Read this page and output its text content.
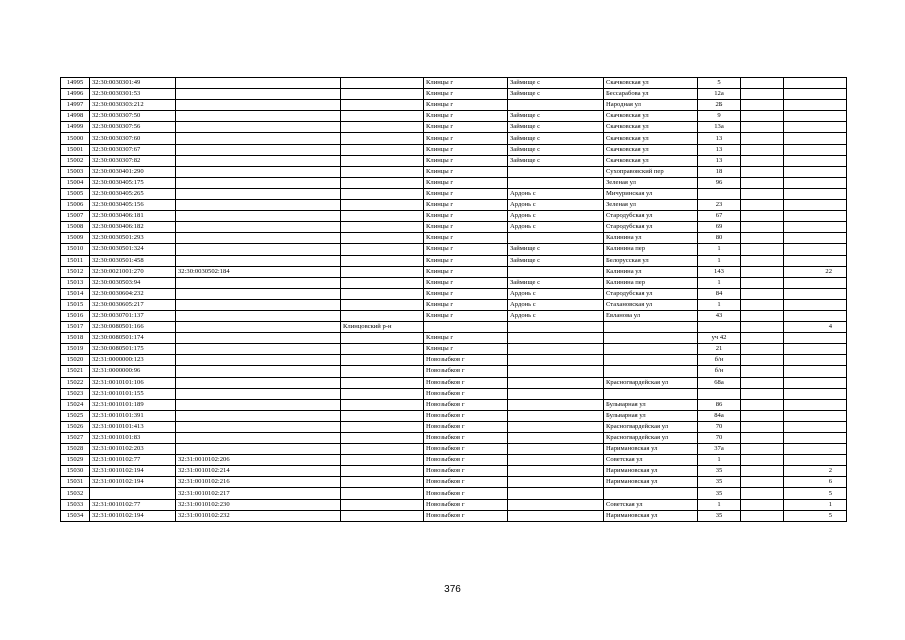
14995	32:30:0030301:49			Клинцы г	Займище с	Скачковская ул	5		
14996	32:30:0030301:53			Клинцы г	Займище с	Бессарабова ул	12а		
14997	32:30:0030303:212			Клинцы г		Народная ул	2Б		
14998	32:30:0030307:50			Клинцы г	Займище с	Скачковская ул	9		
14999	32:30:0030307:56			Клинцы г	Займище с	Скачковская ул	13а		
15000	32:30:0030307:60			Клинцы г	Займище с	Скачковская ул	13		
15001	32:30:0030307:67			Клинцы г	Займище с	Скачковская ул	13		
15002	32:30:0030307:82			Клинцы г	Займище с	Скачковская ул	13		
15003	32:30:0030401:290			Клинцы г		Сухоправовский пер	18		
15004	32:30:0030405:175			Клинцы г		Зеленая ул	96		
15005	32:30:0030405:265			Клинцы г	Ардонь с	Мичуринская ул			
15006	32:30:0030405:156			Клинцы г	Ардонь с	Зеленая ул	23		
15007	32:30:0030406:181			Клинцы г	Ардонь с	Стародубская ул	67		
15008	32:30:0030406:182			Клинцы г	Ардонь с	Стародубская ул	69		
15009	32:30:0030501:293			Клинцы г		Калинина ул	80		
15010	32:30:0030501:324			Клинцы г	Займище с	Калинина пер	1		
15011	32:30:0030501:458			Клинцы г	Займище с	Белорусская ул	1		
15012	32:30:0021001:270	32:30:0030502:184		Клинцы г		Калинина ул	143		22
15013	32:30:0030503:94			Клинцы г	Займище с	Калинина пер	1		
15014	32:30:0030604:232			Клинцы г	Ардонь с	Стародубская ул	84		
15015	32:30:0030605:217			Клинцы г	Ардонь с	Стахановская ул	1		
15016	32:30:0030701:137			Клинцы г	Ардонь с	Евланова ул	43		
15017	32:30:0080501:166		Клинцовский р-н						4
15018	32:30:0080501:174			Клинцы г			уч 42		
15019	32:30:0080501:175			Клинцы г			21		
15020	32:31:0000000:123			Новозыбков г			б/н		
15021	32:31:0000000:96			Новозыбков г			б/н		
15022	32:31:0010101:106			Новозыбков г		Красногвардейская ул	68а		
15023	32:31:0010101:155			Новозыбков г					
15024	32:31:0010101:189			Новозыбков г		Бульварная ул	86		
15025	32:31:0010101:391			Новозыбков г		Бульварная ул	84а		
15026	32:31:0010101:413			Новозыбков г		Красногвардейская ул	70		
15027	32:31:0010101:83			Новозыбков г		Красногвардейская ул	70		
15028	32:31:0010102:203			Новозыбков г		Наримановская ул	37а		
15029	32:31:0010102:77	32:31:0010102:206		Новозыбков г		Советская ул	1		
15030	32:31:0010102:194	32:31:0010102:214		Новозыбков г		Наримановская ул	35		2
15031	32:31:0010102:194	32:31:0010102:216		Новозыбков г		Наримановская ул	35		6
15032		32:31:0010102:217		Новозыбков г			35		5
15033	32:31:0010102:77	32:31:0010102:230		Новозыбков г		Советская ул	1		1
15034	32:31:0010102:194	32:31:0010102:232		Новозыбков г		Наримановская ул	35		5
376
